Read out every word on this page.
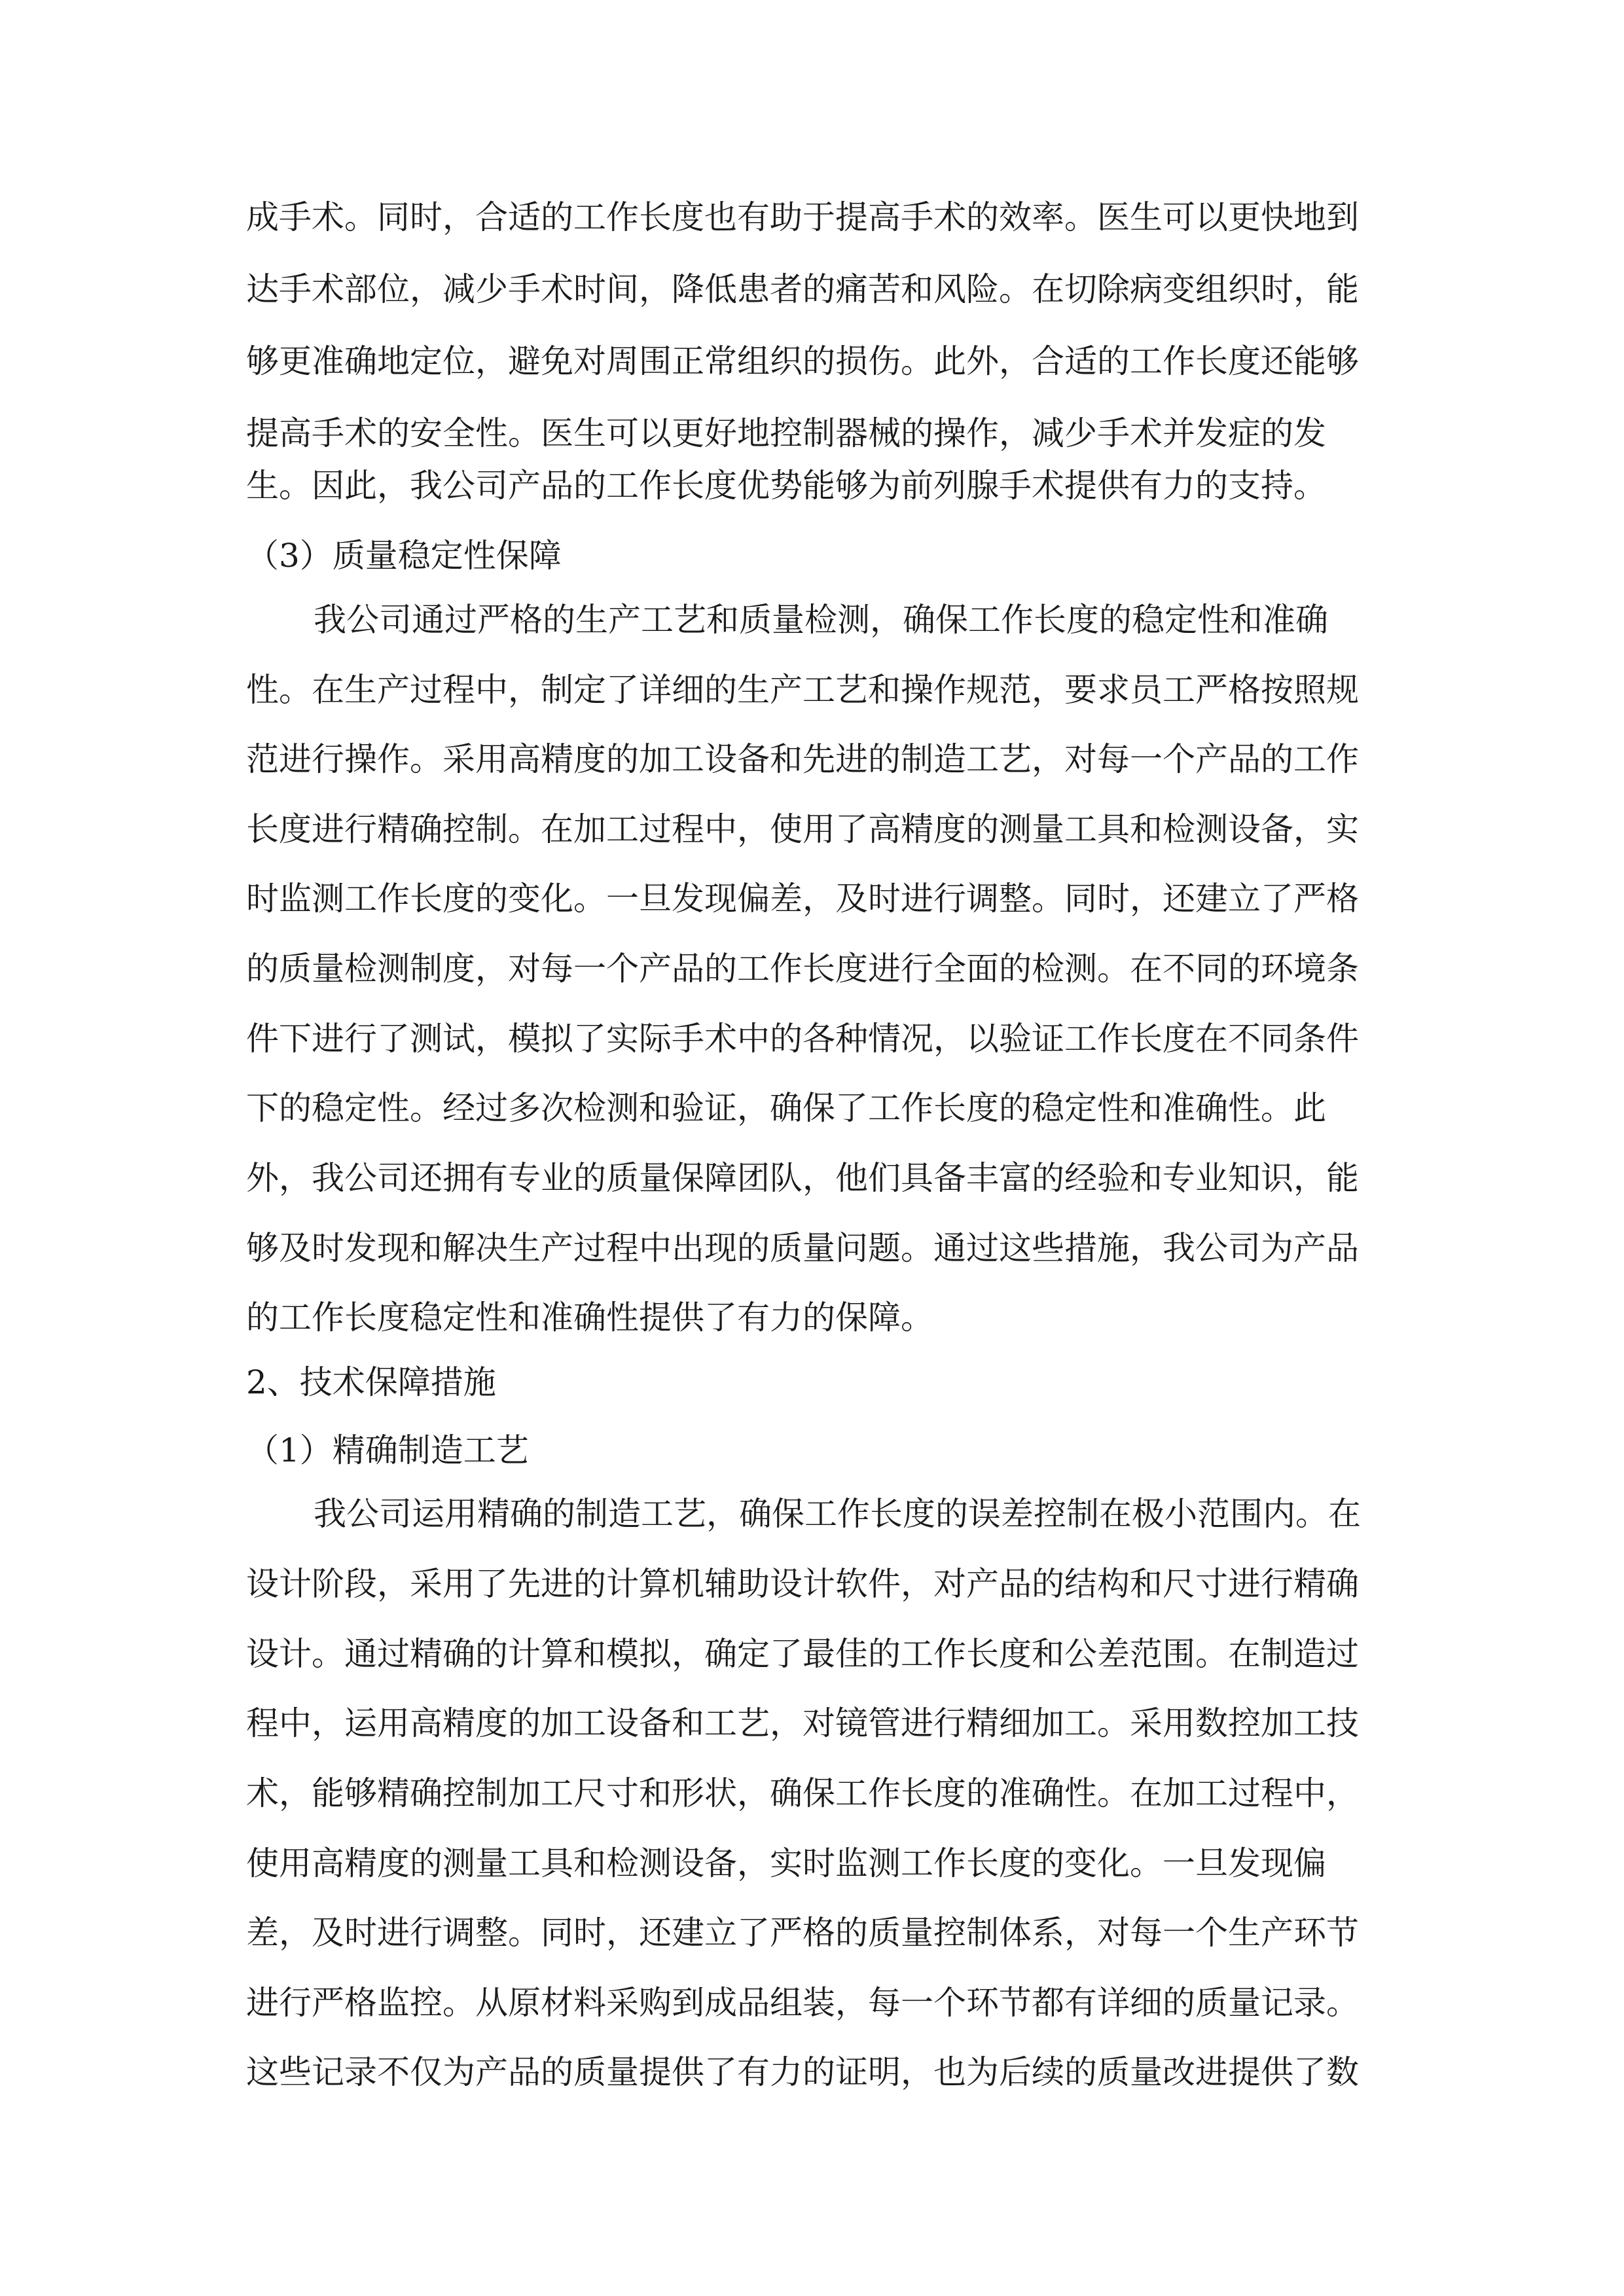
成手术。同时，合适的工作长度也有助于提高手术的效率。医生可以更快地到

达手术部位，减少手术时间，降低患者的痛苦和风险。在切除病变组织时，能

够更准确地定位，避免对周围正常组织的损伤。此外，合适的工作长度还能够

提高手术的安全性。医生可以更好地控制器械的操作，减少手术并发症的发

生。因此，我公司产品的工作长度优势能够为前列腺手术提供有力的支持。

（3）质量稳定性保障

我公司通过严格的生产工艺和质量检测，确保工作长度的稳定性和准确

性。在生产过程中，制定了详细的生产工艺和操作规范，要求员工严格按照规

范进行操作。采用高精度的加工设备和先进的制造工艺，对每一个产品的工作

长度进行精确控制。在加工过程中，使用了高精度的测量工具和检测设备，实

时监测工作长度的变化。一旦发现偏差，及时进行调整。同时，还建立了严格

的质量检测制度，对每一个产品的工作长度进行全面的检测。在不同的环境条

件下进行了测试，模拟了实际手术中的各种情况，以验证工作长度在不同条件

下的稳定性。经过多次检测和验证，确保了工作长度的稳定性和准确性。此

外，我公司还拥有专业的质量保障团队，他们具备丰富的经验和专业知识，能

够及时发现和解决生产过程中出现的质量问题。通过这些措施，我公司为产品

的工作长度稳定性和准确性提供了有力的保障。

2、技术保障措施

（1）精确制造工艺

我公司运用精确的制造工艺，确保工作长度的误差控制在极小范围内。在

设计阶段，采用了先进的计算机辅助设计软件，对产品的结构和尺寸进行精确

设计。通过精确的计算和模拟，确定了最佳的工作长度和公差范围。在制造过

程中，运用高精度的加工设备和工艺，对镜管进行精细加工。采用数控加工技

术，能够精确控制加工尺寸和形状，确保工作长度的准确性。在加工过程中，

使用高精度的测量工具和检测设备，实时监测工作长度的变化。一旦发现偏

差，及时进行调整。同时，还建立了严格的质量控制体系，对每一个生产环节

进行严格监控。从原材料采购到成品组装，每一个环节都有详细的质量记录。

这些记录不仅为产品的质量提供了有力的证明，也为后续的质量改进提供了数
